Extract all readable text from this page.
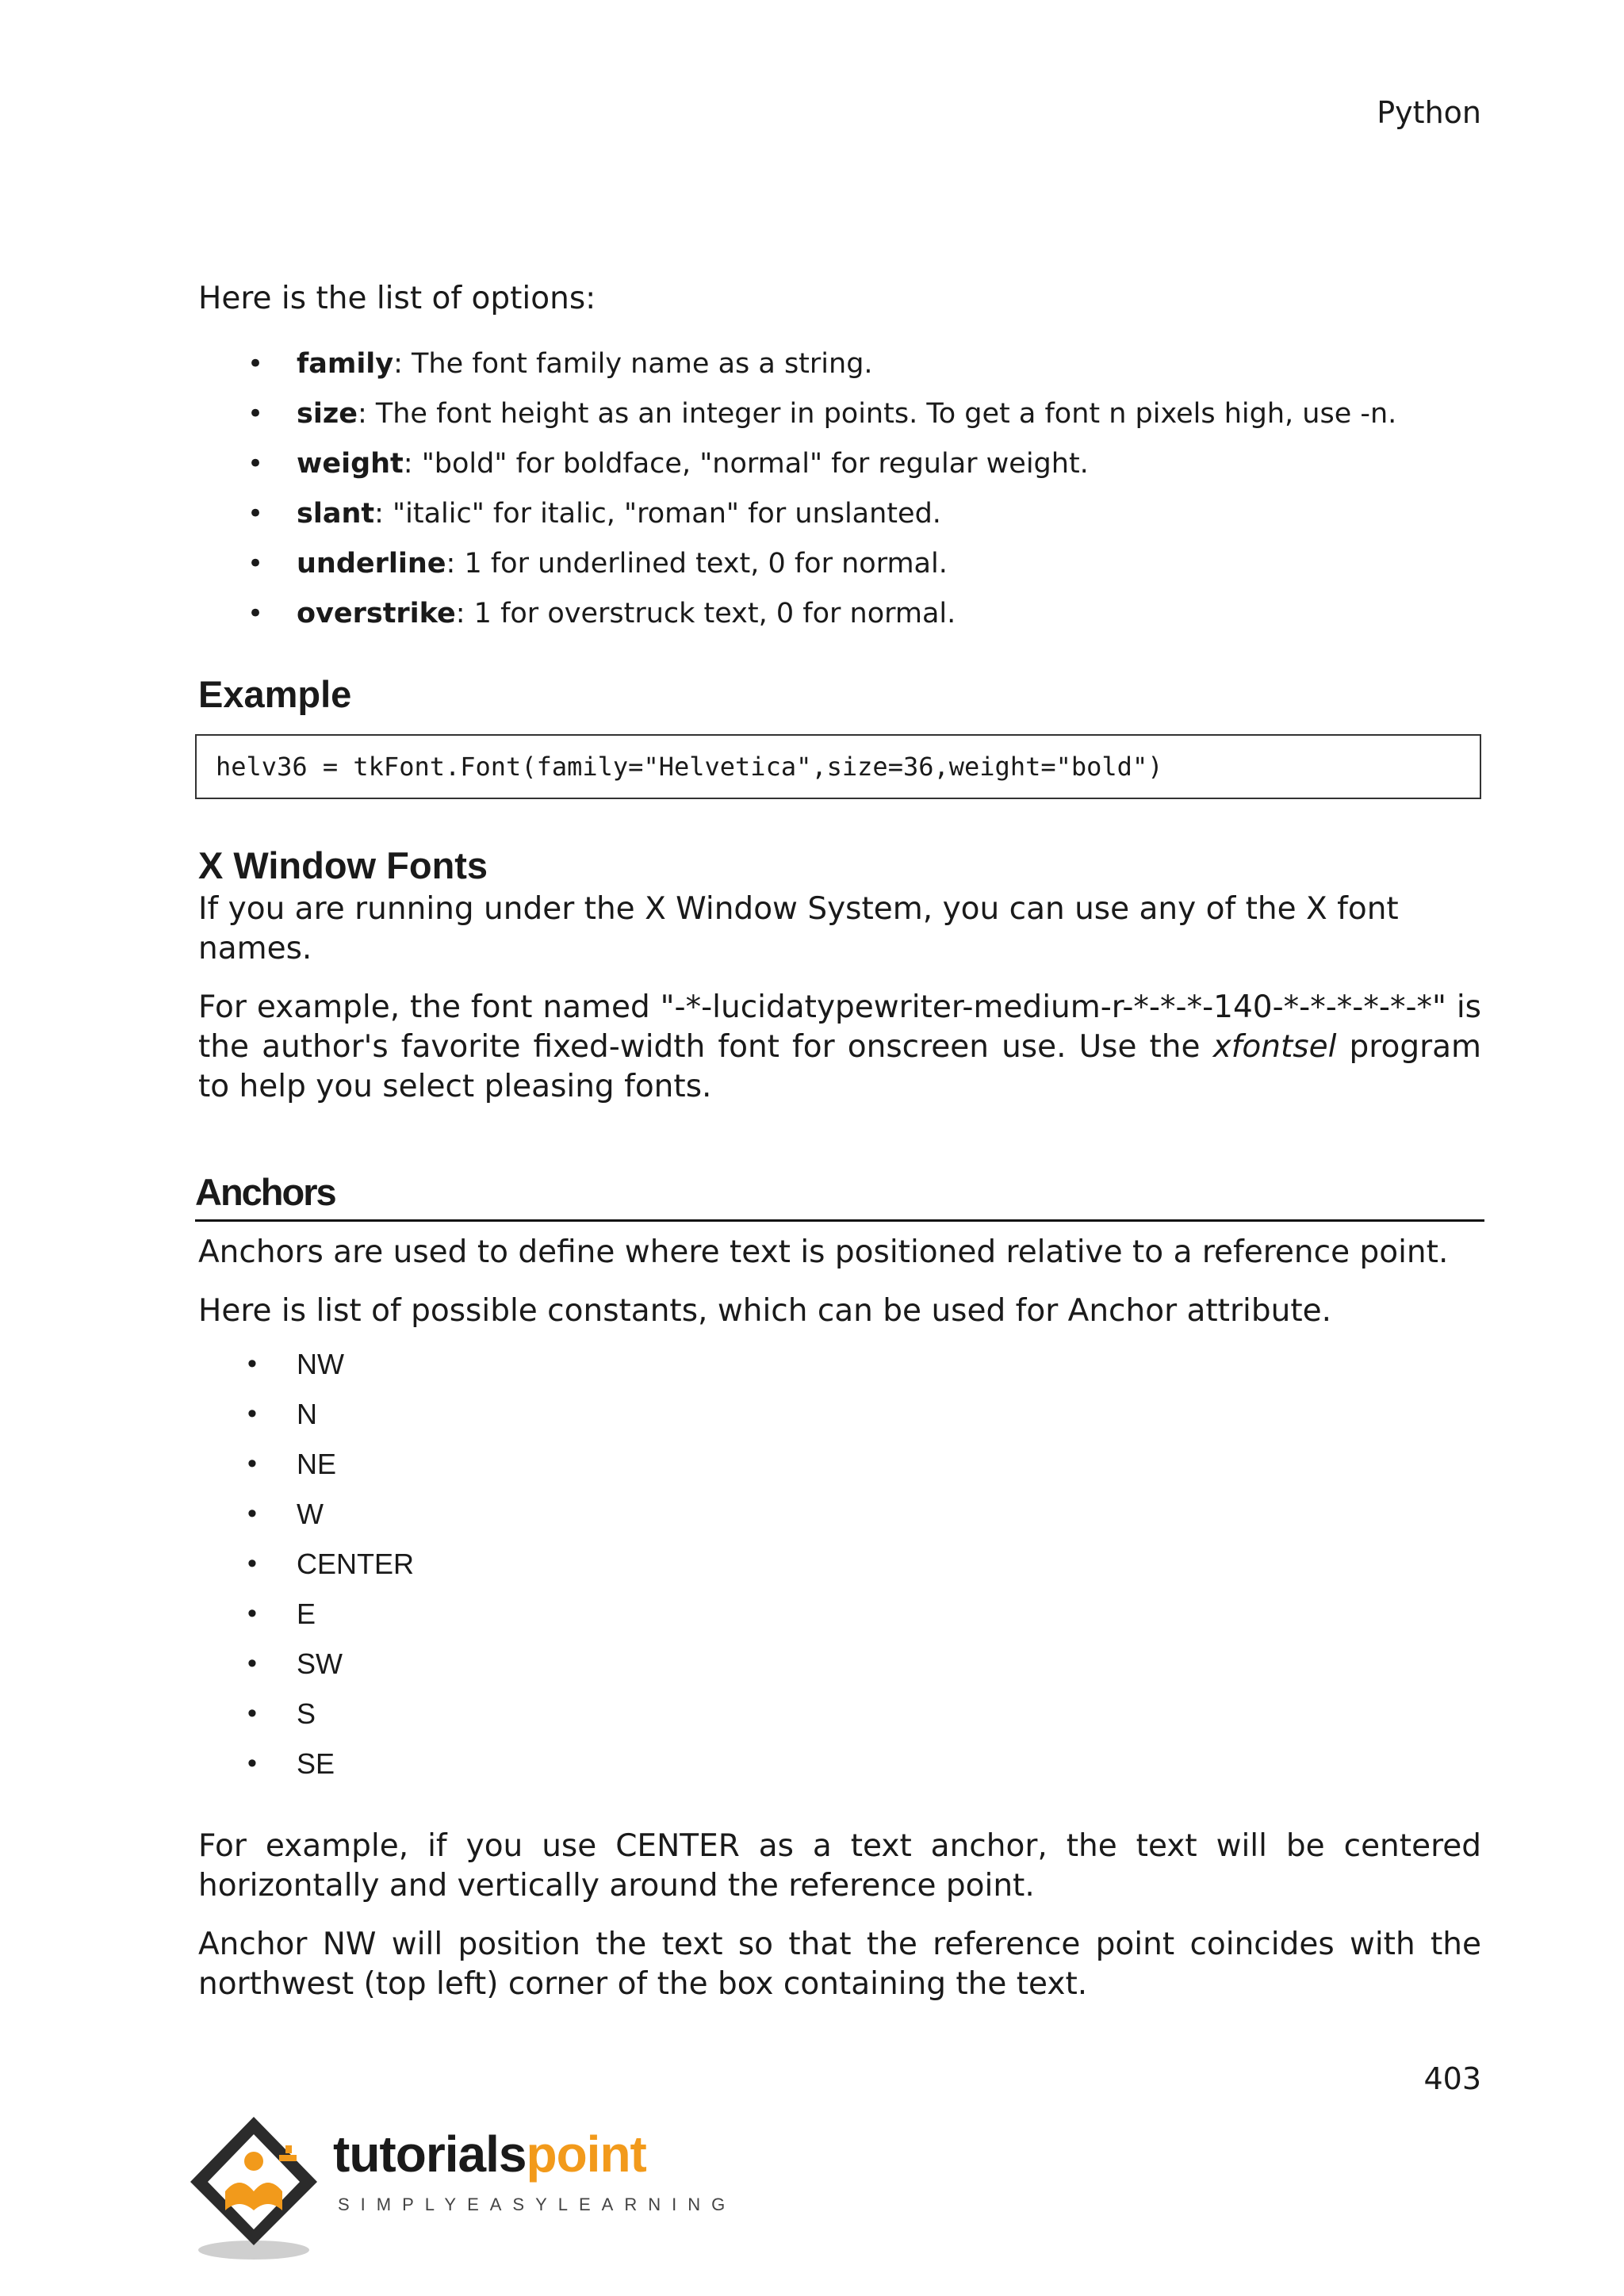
Python

Here is the list of options:

• family: The font family name as a string.
• size: The font height as an integer in points. To get a font n pixels high, use -n.
• weight: "bold" for boldface, "normal" for regular weight.
• slant: "italic" for italic, "roman" for unslanted.
• underline: 1 for underlined text, 0 for normal.
• overstrike: 1 for overstruck text, 0 for normal.
Example
helv36 = tkFont.Font(family="Helvetica",size=36,weight="bold")
X Window Fonts

If you are running under the X Window System, you can use any of the X font names.

For example, the font named "-*-lucidatypewriter-medium-r-*-*-*-140-*-*-*-*-*-*" is the author's favorite fixed-width font for onscreen use. Use the xfontsel program to help you select pleasing fonts.

Anchors

Anchors are used to define where text is positioned relative to a reference point.

Here is list of possible constants, which can be used for Anchor attribute.

• NW
• N
• NE
• W
• CENTER
• E
• SW
• S
• SE

For example, if you use CENTER as a text anchor, the text will be centered horizontally and vertically around the reference point.

Anchor NW will position the text so that the reference point coincides with the northwest (top left) corner of the box containing the text.

403
tutorialspoint
SIMPLYEASYLEARNING
